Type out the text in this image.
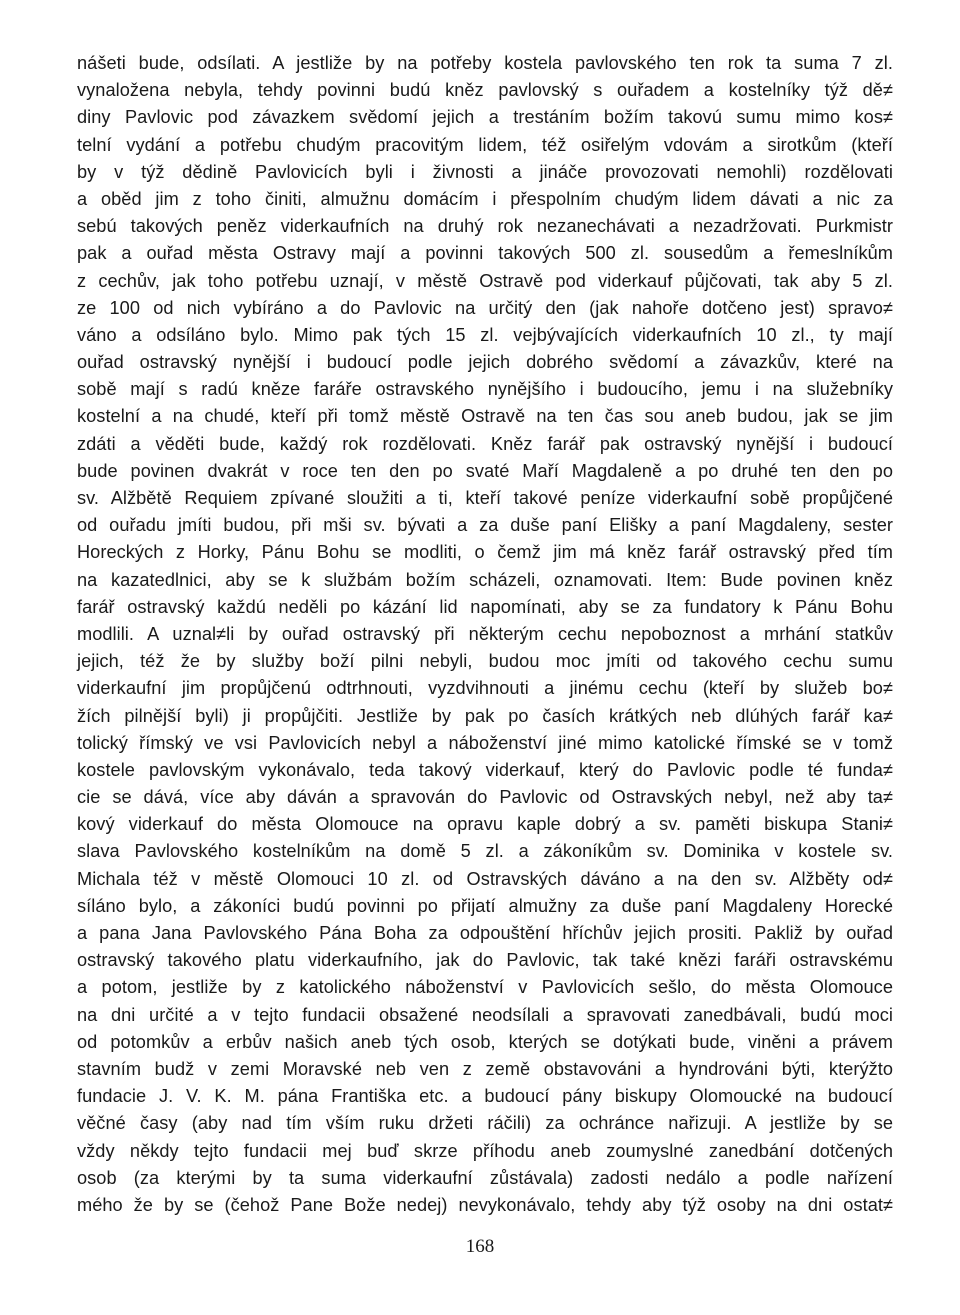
nášeti bude, odsílati. A jestliže by na potřeby kostela pavlovského ten rok ta suma 7 zl.
vynaložena nebyla, tehdy povinni budú kněz pavlovský s ouřadem a kostelníky týž dě≠
diny Pavlovic pod závazkem svědomí jejich a trestáním božím takovú sumu mimo kos≠
telní vydání a potřebu chudým pracovitým lidem, též osiřelým vdovám a sirotkům (kteří
by v týž dědině Pavlovicích byli i živnosti a jináče provozovati nemohli) rozdělovati
a oběd jim z toho činiti, almužnu domácím i přespolním chudým lidem dávati a nic za
sebú takových peněz viderkaufních na druhý rok nezanechávati a nezadržovati. Purkmistr
pak a ouřad města Ostravy mají a povinni takových 500 zl. sousedům a řemeslníkům
z cechův, jak toho potřebu uznají, v městě Ostravě pod viderkauf půjčovati, tak aby 5 zl.
ze 100 od nich vybíráno a do Pavlovic na určitý den (jak nahoře dotčeno jest) spravo≠
váno a odsíláno bylo. Mimo pak tých 15 zl. vejbývajících viderkaufních 10 zl., ty mají
ouřad ostravský nynější i budoucí podle jejich dobrého svědomí a závazkův, které na
sobě mají s radú kněze faráře ostravského nynějšího i budoucího, jemu i na služebníky
kostelní a na chudé, kteří při tomž městě Ostravě na ten čas sou aneb budou, jak se jim
zdáti a věděti bude, každý rok rozdělovati. Kněz farář pak ostravský nynější i budoucí
bude povinen dvakrát v roce ten den po svaté Maří Magdaleně a po druhé ten den po
sv. Alžbětě Requiem zpívané sloužiti a ti, kteří takové peníze viderkaufní sobě propůjčené
od ouřadu jmíti budou, při mši sv. bývati a za duše paní Elišky a paní Magdaleny, sester
Horeckých z Horky, Pánu Bohu se modliti, o čemž jim má kněz farář ostravský před tím
na kazatedlnici, aby se k službám božím scházeli, oznamovati. Item: Bude povinen kněz
farář ostravský každú neděli po kázání lid napomínati, aby se za fundatory k Pánu Bohu
modlili. A uznal≠li by ouřad ostravský při některým cechu nepoboznost a mrhání statkův
jejich, též že by služby boží pilni nebyli, budou moc jmíti od takového cechu sumu
viderkaufní jim propůjčenú odtrhnouti, vyzdvihnouti a jinému cechu (kteří by služeb bo≠
žích pilnější byli) ji propůjčiti. Jestliže by pak po časích krátkých neb dlúhých farář ka≠
tolický římský ve vsi Pavlovicích nebyl a náboženství jiné mimo katolické římské se v tomž
kostele pavlovským vykonávalo, teda takový viderkauf, který do Pavlovic podle té funda≠
cie se dává, více aby dáván a spravován do Pavlovic od Ostravských nebyl, než aby ta≠
kový viderkauf do města Olomouce na opravu kaple dobrý a sv. paměti biskupa Stani≠
slava Pavlovského kostelníkům na domě 5 zl. a zákoníkům sv. Dominika v kostele sv.
Michala též v městě Olomouci 10 zl. od Ostravských dáváno a na den sv. Alžběty od≠
síláno bylo, a zákoníci budú povinni po přijatí almužny za duše paní Magdaleny Horecké
a pana Jana Pavlovského Pána Boha za odpouštění hříchův jejich prositi. Pakliž by ouřad
ostravský takového platu viderkaufního, jak do Pavlovic, tak také knězi faráři ostravskému
a potom, jestliže by z katolického náboženství v Pavlovicích sešlo, do města Olomouce
na dni určité a v tejto fundacii obsažené neodsílali a spravovati zanedbávali, budú moci
od potomkův a erbův našich aneb tých osob, kterých se dotýkati bude, viněni a právem
stavním budž v zemi Moravské neb ven z země obstavováni a hyndrováni býti, kterýžto
fundacie J. V. K. M. pána Františka etc. a budoucí pány biskupy Olomoucké na budoucí
věčné časy (aby nad tím vším ruku držeti ráčili) za ochránce nařizuji. A jestliže by se
vždy někdy tejto fundacii mej buď skrze příhodu aneb zoumyslné zanedbání dotčených
osob (za kterými by ta suma viderkaufní zůstávala) zadosti nedálo a podle nařízení
mého že by se (čehož Pane Bože nedej) nevykonávalo, tehdy aby týž osoby na dni ostat≠
168
